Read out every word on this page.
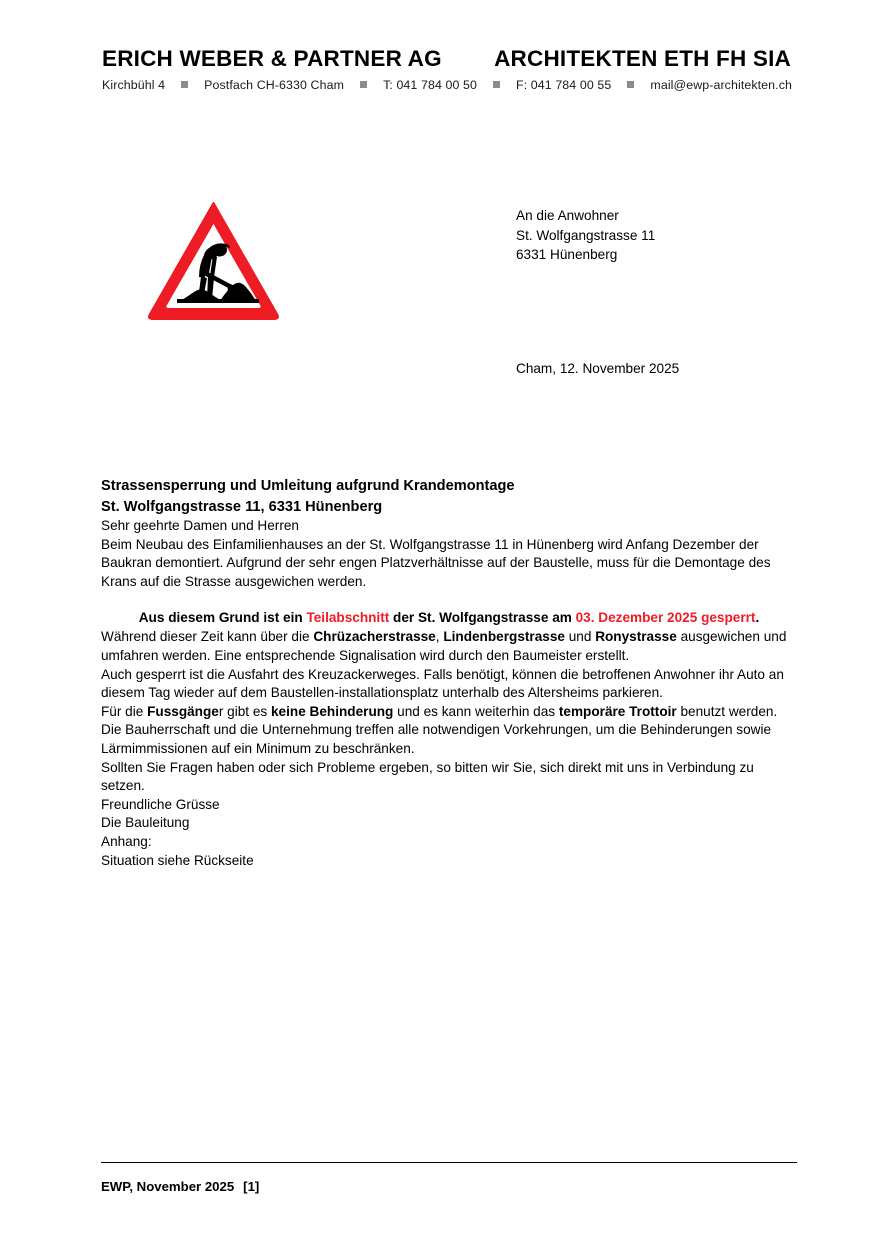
ERICH WEBER & PARTNER AG ARCHITEKTEN ETH FH SIA
Kirchbühl 4	Postfach CH-6330 Cham	T: 041 784 00 50	F: 041 784 00 55	mail@ewp-architekten.ch
An die Anwohner
St. Wolfgangstrasse 11
6331 Hünenberg
Cham, 12. November 2025
Strassensperrung und Umleitung aufgrund Krandemontage
St. Wolfgangstrasse 11, 6331 Hünenberg

Sehr geehrte Damen und Herren

Beim Neubau des Einfamilienhauses an der St. Wolfgangstrasse 11 in Hünenberg wird Anfang Dezember der Baukran demontiert. Aufgrund der sehr engen Platzverhältnisse auf der Baustelle, muss für die Demontage des Krans auf die Strasse ausgewichen werden.

Aus diesem Grund ist ein Teilabschnitt der St. Wolfgangstrasse am 03. Dezember 2025 gesperrt.

Während dieser Zeit kann über die Chrüzacherstrasse, Lindenbergstrasse und Ronystrasse ausgewichen und umfahren werden. Eine entsprechende Signalisation wird durch den Baumeister erstellt.

Auch gesperrt ist die Ausfahrt des Kreuzackerweges. Falls benötigt, können die betroffenen Anwohner ihr Auto an diesem Tag wieder auf dem Baustellen-installationsplatz unterhalb des Altersheims parkieren.

Für die Fussgänger gibt es keine Behinderung und es kann weiterhin das temporäre Trottoir benutzt werden.

Die Bauherrschaft und die Unternehmung treffen alle notwendigen Vorkehrungen, um die Behinderungen sowie Lärmimmissionen auf ein Minimum zu beschränken.

Sollten Sie Fragen haben oder sich Probleme ergeben, so bitten wir Sie, sich direkt mit uns in Verbindung zu setzen.

Freundliche Grüsse

Die Bauleitung

Anhang:

Situation siehe Rückseite

EWP, November 2025 [1]
